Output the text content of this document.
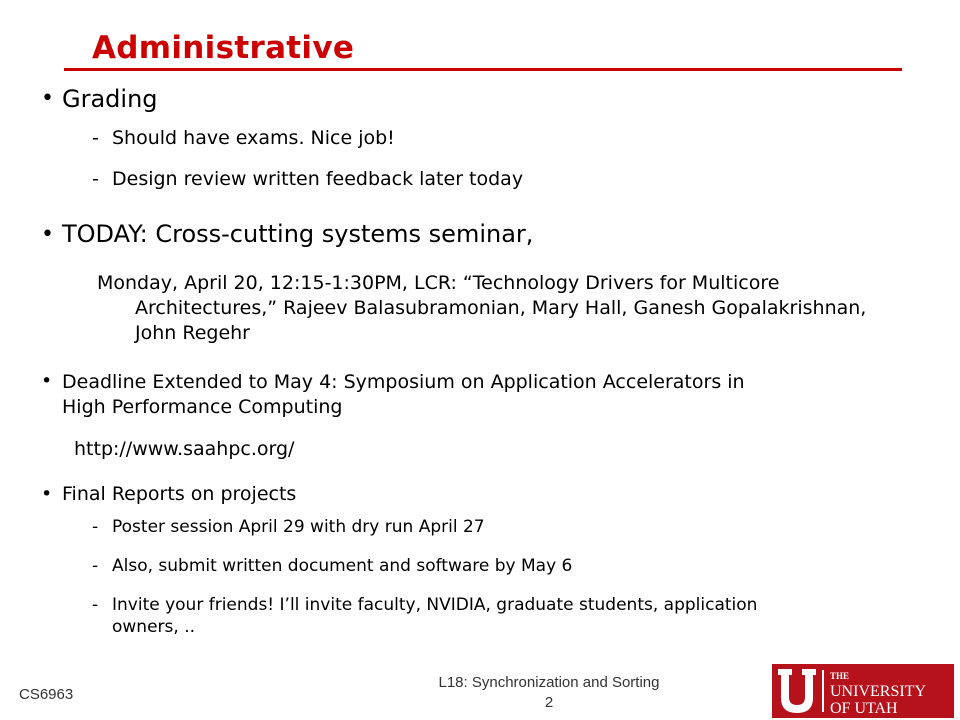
Administrative
• Grading
- Should have exams. Nice job!
- Design review written feedback later today
• TODAY: Cross-cutting systems seminar,
Monday, April 20, 12:15-1:30PM, LCR: “Technology Drivers for Multicore Architectures,” Rajeev Balasubramonian, Mary Hall, Ganesh Gopalakrishnan, John Regehr
• Deadline Extended to May 4: Symposium on Application Accelerators in High Performance Computing
http://www.saahpc.org/
• Final Reports on projects
- Poster session April 29 with dry run April 27
- Also, submit written document and software by May 6
- Invite your friends! I’ll invite faculty, NVIDIA, graduate students, application owners, ..
CS6963
L18: Synchronization and Sorting
2
THE
UNIVERSITY
OF UTAH
